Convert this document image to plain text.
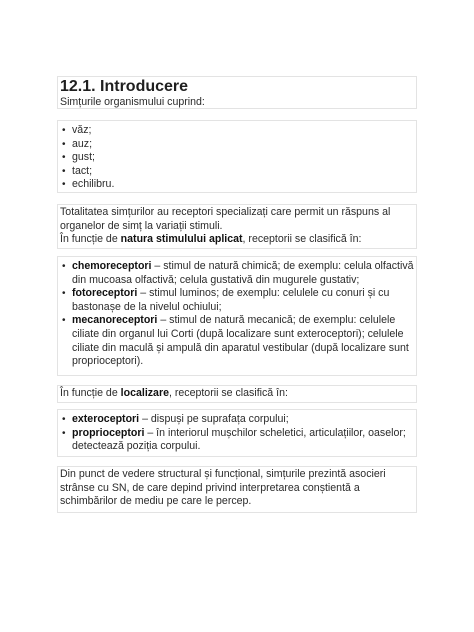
12.1. Introducere

Simțurile organismului cuprind:

• văz;
• auz;
• gust;
• tact;
• echilibru.

Totalitatea simțurilor au receptori specializați care permit un răspuns al
organelor de simț la variații stimuli.
În funcție de natura stimulului aplicat, receptorii se clasifică în:

• chemoreceptori – stimul de natură chimică; de exemplu: celula olfactivă din mucoasa olfactivă; celula gustativă din mugurele gustativ;
• fotoreceptori – stimul luminos; de exemplu: celulele cu conuri și cu bastonașe de la nivelul ochiului;
• mecanoreceptori – stimul de natură mecanică; de exemplu: celulele ciliate din organul lui Corti (după localizare sunt exteroceptori); celulele ciliate din maculă și ampulă din aparatul vestibular (după localizare sunt proprioceptori).

În funcție de localizare, receptorii se clasifică în:

• exteroceptori – dispuși pe suprafața corpului;
• proprioceptori – în interiorul mușchilor scheletici, articulațiilor, oaselor; detectează poziția corpului.

Din punct de vedere structural și funcțional, simțurile prezintă asocieri strânse cu SN, de care depind privind interpretarea conștientă a schimbărilor de mediu pe care le percep.
